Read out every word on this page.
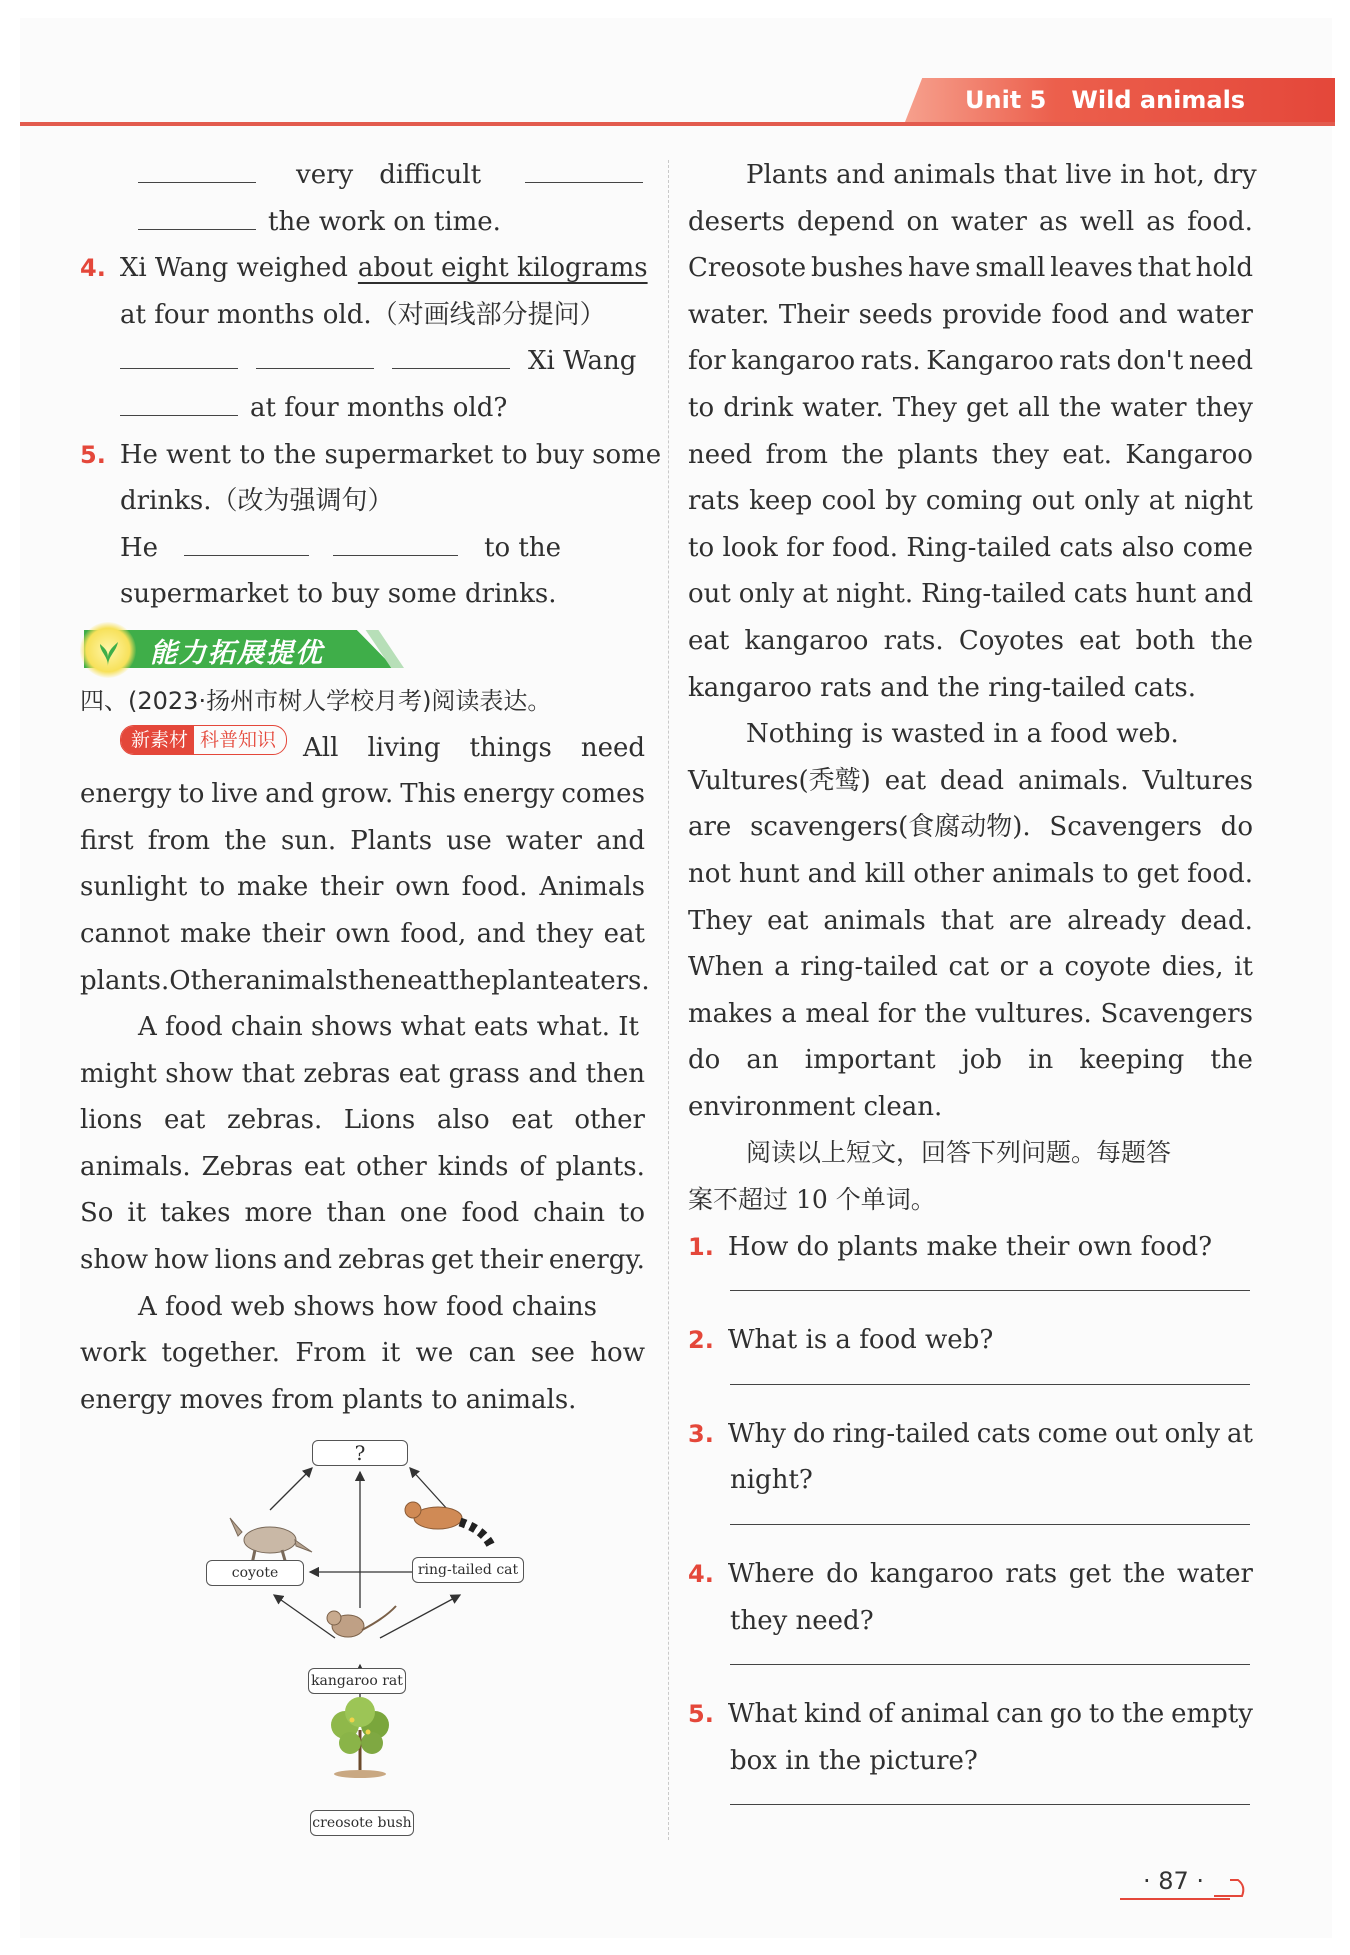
Unit 5 Wild animals
very difficult
the work on time.
4. Xi Wang weighed about eight kilograms
at four months old.（对画线部分提问）
Xi Wang
at four months old?
5. He went to the supermarket to buy some
drinks.（改为强调句）
He	to the
supermarket to buy some drinks.
能力拓展提优
四、(2023·扬州市树人学校月考)阅读表达。
新素材 科普知识	All living things need
energy to live and grow. This energy comes
first from the sun. Plants use water and
sunlight to make their own food. Animals
cannot make their own food, and they eat
plants. Other animals then eat the plant eaters.
A food chain shows what eats what. It
might show that zebras eat grass and then
lions eat zebras. Lions also eat other
animals. Zebras eat other kinds of plants.
So it takes more than one food chain to
show how lions and zebras get their energy.
A food web shows how food chains
work together. From it we can see how
energy moves from plants to animals.
?
coyote	ring-tailed cat
kangaroo rat
creosote bush
Plants and animals that live in hot, dry
deserts depend on water as well as food.
Creosote bushes have small leaves that hold
water. Their seeds provide food and water
for kangaroo rats. Kangaroo rats don't need
to drink water. They get all the water they
need from the plants they eat. Kangaroo
rats keep cool by coming out only at night
to look for food. Ring-tailed cats also come
out only at night. Ring-tailed cats hunt and
eat kangaroo rats. Coyotes eat both the
kangaroo rats and the ring-tailed cats.
Nothing is wasted in a food web.
Vultures(秃鹫) eat dead animals. Vultures
are scavengers(食腐动物). Scavengers do
not hunt and kill other animals to get food.
They eat animals that are already dead.
When a ring-tailed cat or a coyote dies, it
makes a meal for the vultures. Scavengers
do an important job in keeping the
environment clean.
阅读以上短文，回答下列问题。每题答
案不超过 10 个单词。
1. How do plants make their own food?
2. What is a food web?
3. Why do ring-tailed cats come out only at
night?
4. Where do kangaroo rats get the water
they need?
5. What kind of animal can go to the empty
box in the picture?
· 87 ·
